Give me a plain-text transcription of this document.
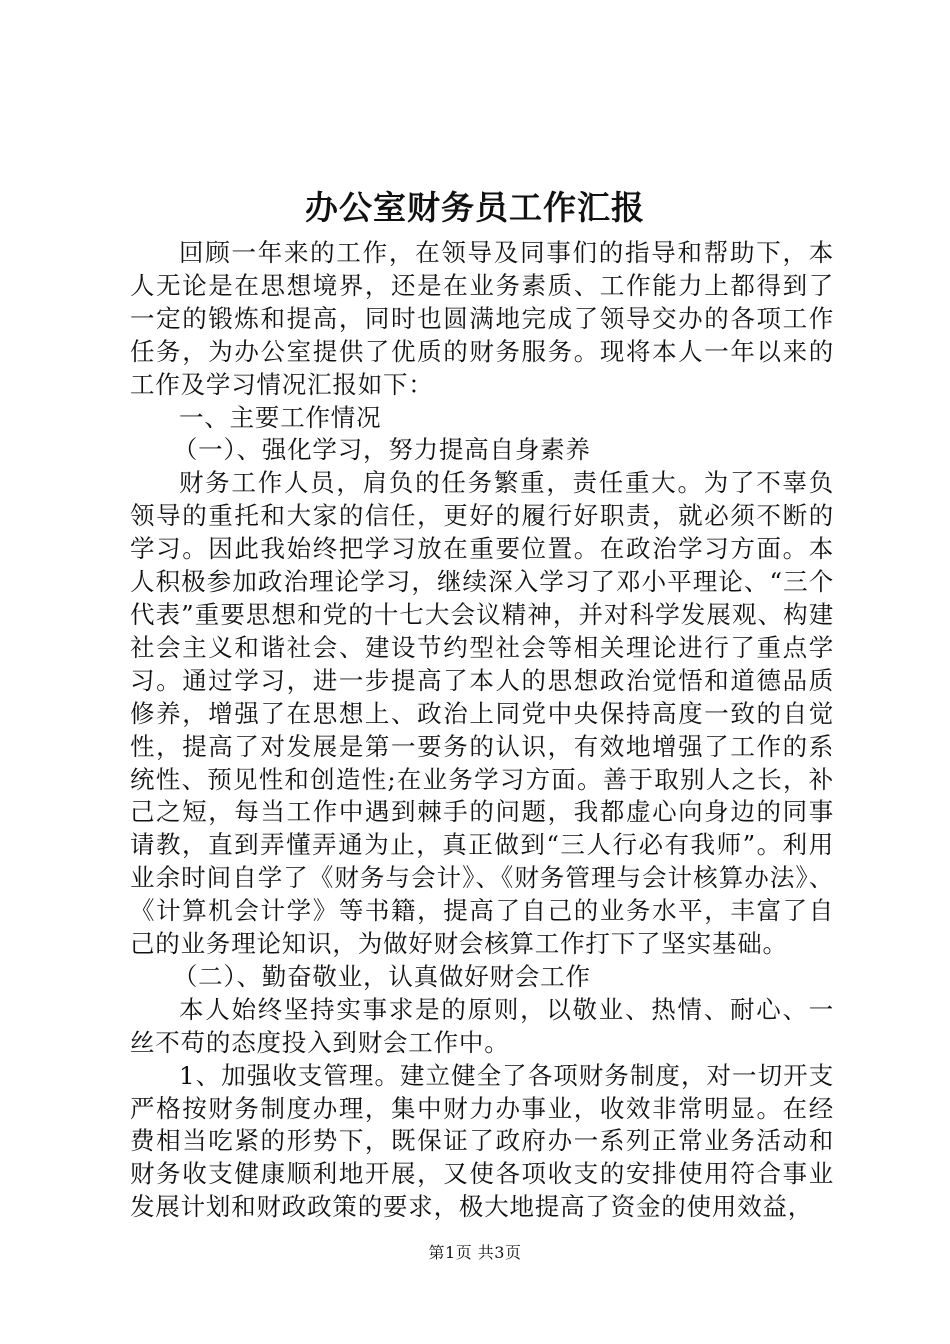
办公室财务员工作汇报

回顾一年来的工作，在领导及同事们的指导和帮助下，本人无论是在思想境界，还是在业务素质、工作能力上都得到了一定的锻炼和提高，同时也圆满地完成了领导交办的各项工作任务，为办公室提供了优质的财务服务。现将本人一年以来的工作及学习情况汇报如下：

一、主要工作情况

（一）、强化学习，努力提高自身素养

财务工作人员，肩负的任务繁重，责任重大。为了不辜负领导的重托和大家的信任，更好的履行好职责，就必须不断的学习。因此我始终把学习放在重要位置。在政治学习方面。本人积极参加政治理论学习，继续深入学习了邓小平理论、“三个代表”重要思想和党的十七大会议精神，并对科学发展观、构建社会主义和谐社会、建设节约型社会等相关理论进行了重点学习。通过学习，进一步提高了本人的思想政治觉悟和道德品质修养，增强了在思想上、政治上同党中央保持高度一致的自觉性，提高了对发展是第一要务的认识，有效地增强了工作的系统性、预见性和创造性;在业务学习方面。善于取别人之长，补己之短，每当工作中遇到棘手的问题，我都虚心向身边的同事请教，直到弄懂弄通为止，真正做到“三人行必有我师”。利用业余时间自学了《财务与会计》、《财务管理与会计核算办法》、《计算机会计学》等书籍，提高了自己的业务水平，丰富了自己的业务理论知识，为做好财会核算工作打下了坚实基础。

（二）、勤奋敬业，认真做好财会工作

本人始终坚持实事求是的原则，以敬业、热情、耐心、一丝不苟的态度投入到财会工作中。

1、加强收支管理。建立健全了各项财务制度，对一切开支严格按财务制度办理，集中财力办事业，收效非常明显。在经费相当吃紧的形势下，既保证了政府办一系列正常业务活动和财务收支健康顺利地开展，又使各项收支的安排使用符合事业发展计划和财政政策的要求，极大地提高了资金的使用效益，

第1页 共3页
